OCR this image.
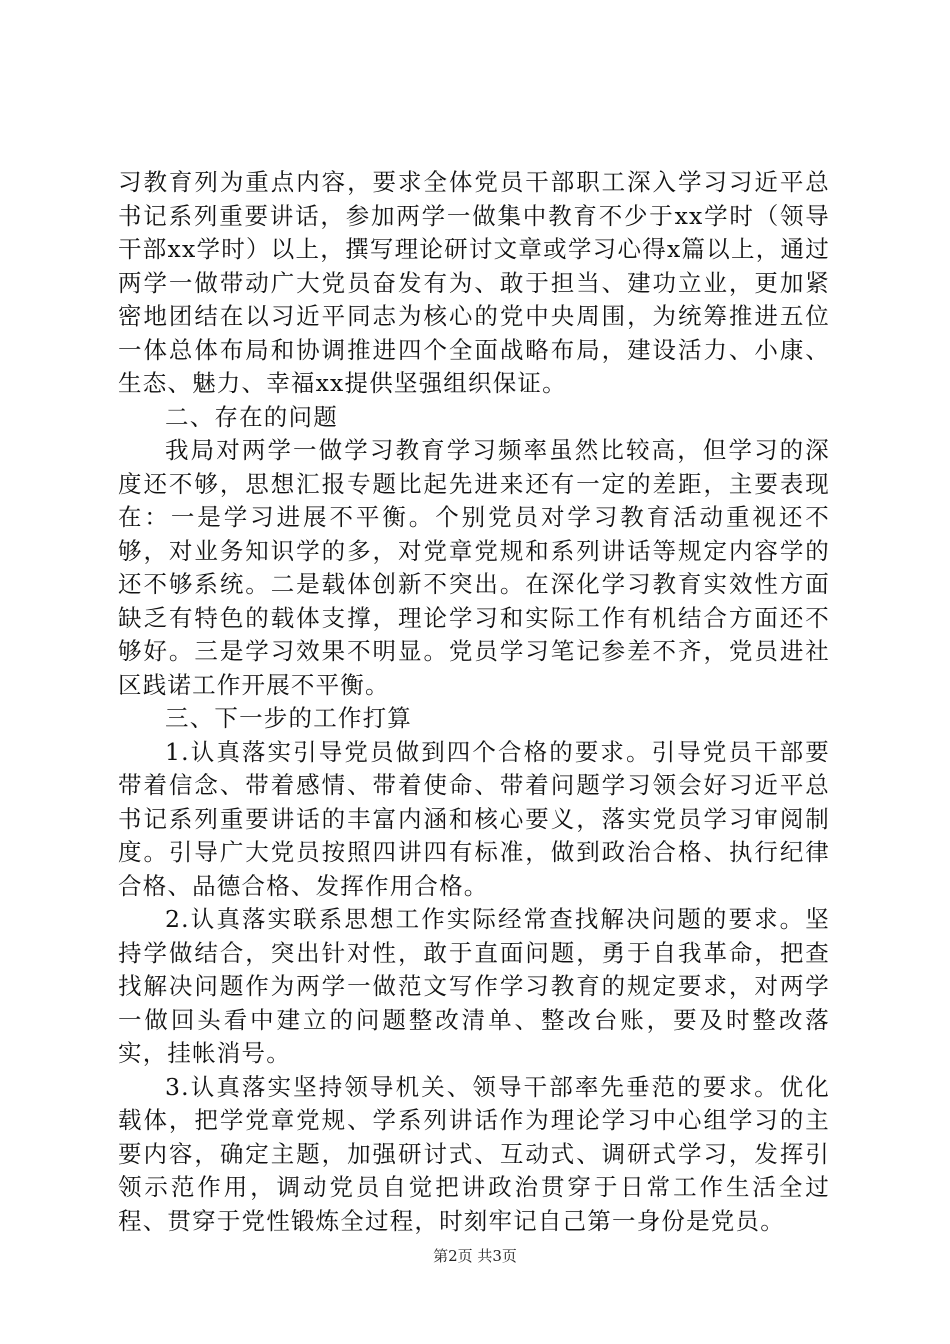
习教育列为重点内容，要求全体党员干部职工深入学习习近平总书记系列重要讲话，参加两学一做集中教育不少于xx学时（领导干部xx学时）以上，撰写理论研讨文章或学习心得x篇以上，通过两学一做带动广大党员奋发有为、敢于担当、建功立业，更加紧密地团结在以习近平同志为核心的党中央周围，为统筹推进五位一体总体布局和协调推进四个全面战略布局，建设活力、小康、生态、魅力、幸福xx提供坚强组织保证。

二、存在的问题

我局对两学一做学习教育学习频率虽然比较高，但学习的深度还不够，思想汇报专题比起先进来还有一定的差距，主要表现在：一是学习进展不平衡。个别党员对学习教育活动重视还不够，对业务知识学的多，对党章党规和系列讲话等规定内容学的还不够系统。二是载体创新不突出。在深化学习教育实效性方面缺乏有特色的载体支撑，理论学习和实际工作有机结合方面还不够好。三是学习效果不明显。党员学习笔记参差不齐，党员进社区践诺工作开展不平衡。

三、下一步的工作打算

1.认真落实引导党员做到四个合格的要求。引导党员干部要带着信念、带着感情、带着使命、带着问题学习领会好习近平总书记系列重要讲话的丰富内涵和核心要义，落实党员学习审阅制度。引导广大党员按照四讲四有标准，做到政治合格、执行纪律合格、品德合格、发挥作用合格。

2.认真落实联系思想工作实际经常查找解决问题的要求。坚持学做结合，突出针对性，敢于直面问题，勇于自我革命，把查找解决问题作为两学一做范文写作学习教育的规定要求，对两学一做回头看中建立的问题整改清单、整改台账，要及时整改落实，挂帐消号。

3.认真落实坚持领导机关、领导干部率先垂范的要求。优化载体，把学党章党规、学系列讲话作为理论学习中心组学习的主要内容，确定主题，加强研讨式、互动式、调研式学习，发挥引领示范作用，调动党员自觉把讲政治贯穿于日常工作生活全过程、贯穿于党性锻炼全过程，时刻牢记自己第一身份是党员。

第2页 共3页
